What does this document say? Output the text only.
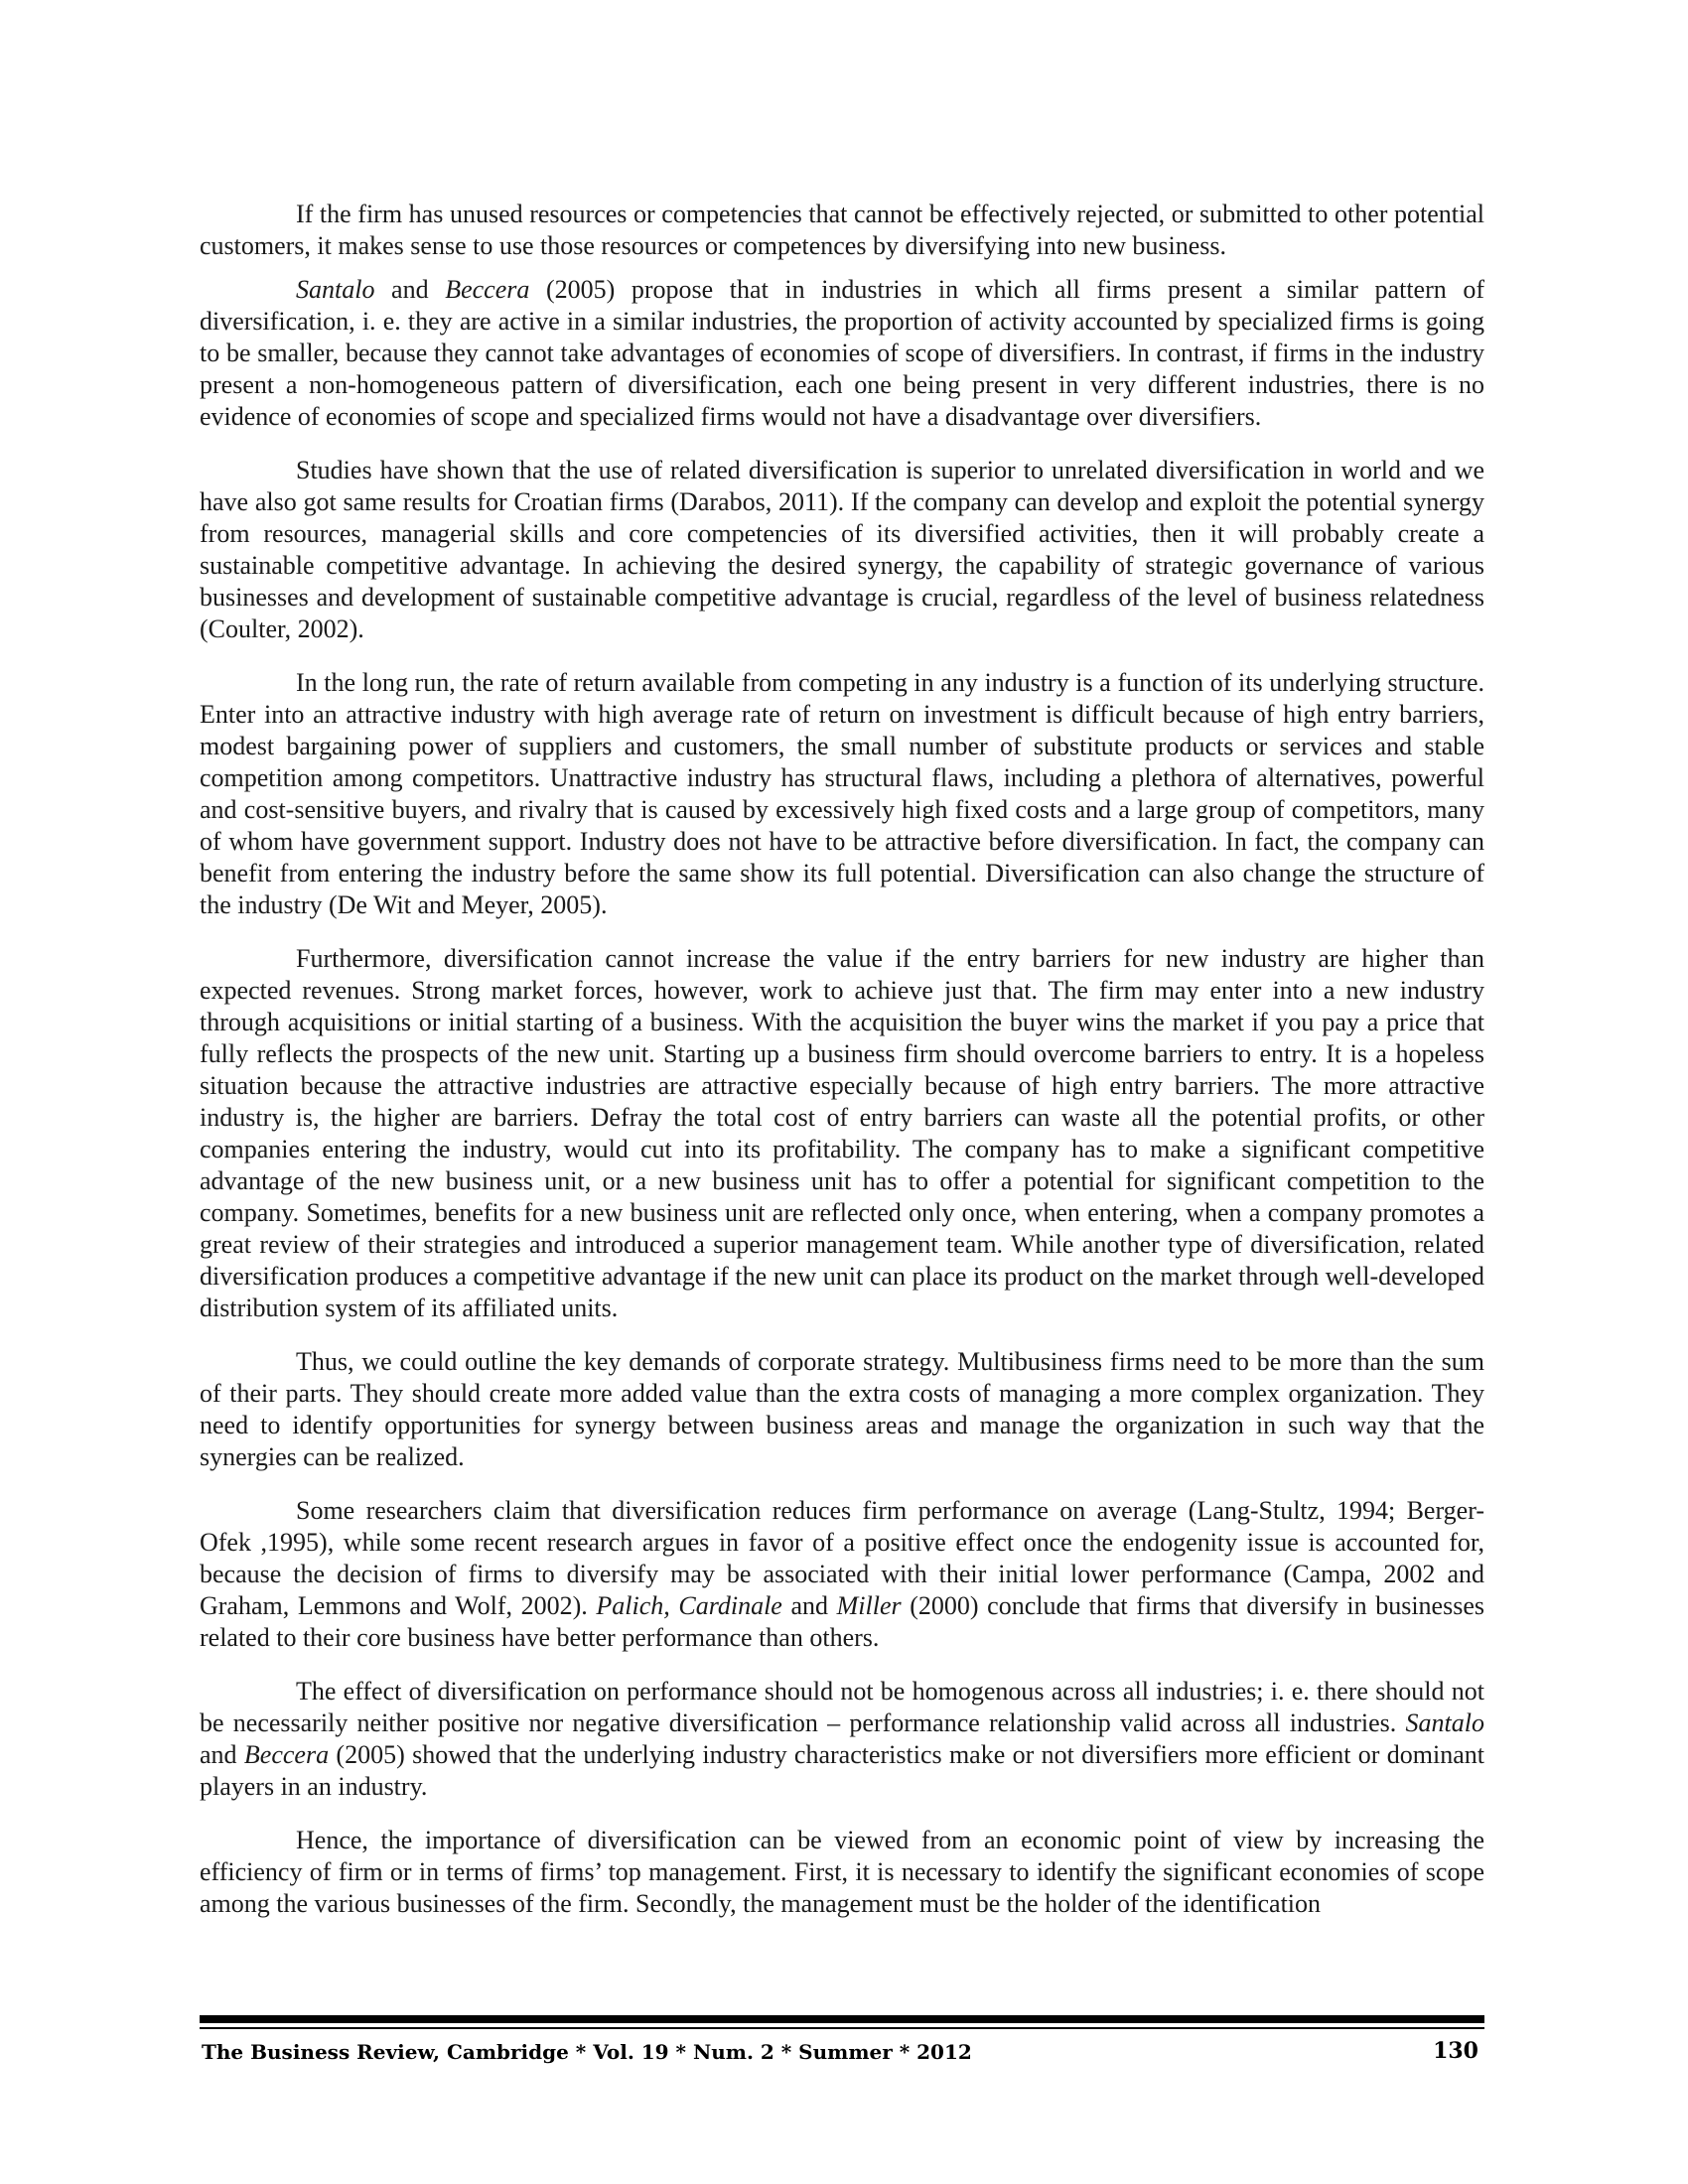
If the firm has unused resources or competencies that cannot be effectively rejected, or submitted to other potential customers, it makes sense to use those resources or competences by diversifying into new business.

Santalo and Beccera (2005) propose that in industries in which all firms present a similar pattern of diversification, i. e. they are active in a similar industries, the proportion of activity accounted by specialized firms is going to be smaller, because they cannot take advantages of economies of scope of diversifiers. In contrast, if firms in the industry present a non-homogeneous pattern of diversification, each one being present in very different industries, there is no evidence of economies of scope and specialized firms would not have a disadvantage over diversifiers.

Studies have shown that the use of related diversification is superior to unrelated diversification in world and we have also got same results for Croatian firms (Darabos, 2011). If the company can develop and exploit the potential synergy from resources, managerial skills and core competencies of its diversified activities, then it will probably create a sustainable competitive advantage. In achieving the desired synergy, the capability of strategic governance of various businesses and development of sustainable competitive advantage is crucial, regardless of the level of business relatedness (Coulter, 2002).

In the long run, the rate of return available from competing in any industry is a function of its underlying structure. Enter into an attractive industry with high average rate of return on investment is difficult because of high entry barriers, modest bargaining power of suppliers and customers, the small number of substitute products or services and stable competition among competitors. Unattractive industry has structural flaws, including a plethora of alternatives, powerful and cost-sensitive buyers, and rivalry that is caused by excessively high fixed costs and a large group of competitors, many of whom have government support. Industry does not have to be attractive before diversification. In fact, the company can benefit from entering the industry before the same show its full potential. Diversification can also change the structure of the industry (De Wit and Meyer, 2005).

Furthermore, diversification cannot increase the value if the entry barriers for new industry are higher than expected revenues. Strong market forces, however, work to achieve just that. The firm may enter into a new industry through acquisitions or initial starting of a business. With the acquisition the buyer wins the market if you pay a price that fully reflects the prospects of the new unit. Starting up a business firm should overcome barriers to entry. It is a hopeless situation because the attractive industries are attractive especially because of high entry barriers. The more attractive industry is, the higher are barriers. Defray the total cost of entry barriers can waste all the potential profits, or other companies entering the industry, would cut into its profitability. The company has to make a significant competitive advantage of the new business unit, or a new business unit has to offer a potential for significant competition to the company. Sometimes, benefits for a new business unit are reflected only once, when entering, when a company promotes a great review of their strategies and introduced a superior management team. While another type of diversification, related diversification produces a competitive advantage if the new unit can place its product on the market through well-developed distribution system of its affiliated units.

Thus, we could outline the key demands of corporate strategy. Multibusiness firms need to be more than the sum of their parts. They should create more added value than the extra costs of managing a more complex organization. They need to identify opportunities for synergy between business areas and manage the organization in such way that the synergies can be realized.

Some researchers claim that diversification reduces firm performance on average (Lang-Stultz, 1994; Berger- Ofek ,1995), while some recent research argues in favor of a positive effect once the endogenity issue is accounted for, because the decision of firms to diversify may be associated with their initial lower performance (Campa, 2002 and Graham, Lemmons and Wolf, 2002). Palich, Cardinale and Miller (2000) conclude that firms that diversify in businesses related to their core business have better performance than others.

The effect of diversification on performance should not be homogenous across all industries; i. e. there should not be necessarily neither positive nor negative diversification – performance relationship valid across all industries. Santalo and Beccera (2005) showed that the underlying industry characteristics make or not diversifiers more efficient or dominant players in an industry.

Hence, the importance of diversification can be viewed from an economic point of view by increasing the efficiency of firm or in terms of firms’ top management. First, it is necessary to identify the significant economies of scope among the various businesses of the firm. Secondly, the management must be the holder of the identification

The Business Review, Cambridge * Vol. 19 * Num. 2 * Summer * 2012	130
